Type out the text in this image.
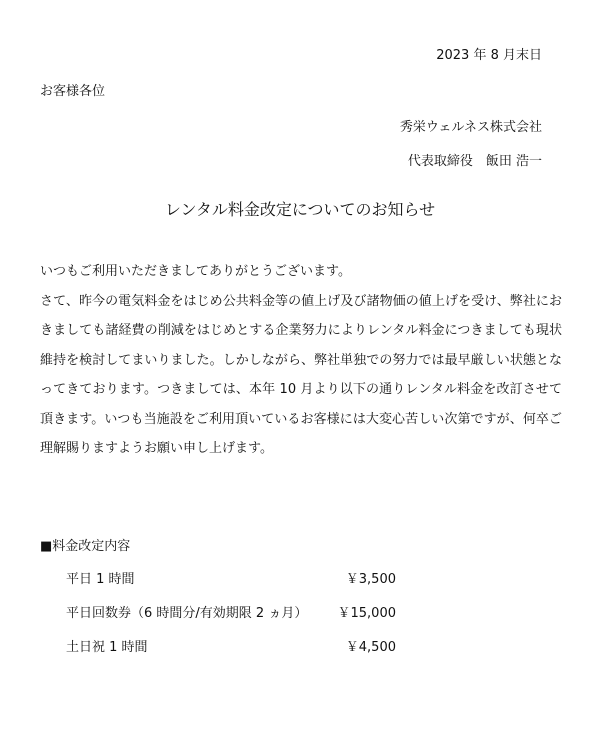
2023 年 8 月末日
お客様各位
秀栄ウェルネス株式会社
代表取締役　飯田 浩一
レンタル料金改定についてのお知らせ
いつもご利用いただきましてありがとうございます。

さて、昨今の電気料金をはじめ公共料金等の値上げ及び諸物価の値上げを受け、弊社におきましても諸経費の削減をはじめとする企業努力によりレンタル料金につきましても現状維持を検討してまいりました。しかしながら、弊社単独での努力では最早厳しい状態となってきております。つきましては、本年 10 月より以下の通りレンタル料金を改訂させて頂きます。いつも当施設をご利用頂いているお客様には大変心苦しい次第ですが、何卒ご理解賜りますようお願い申し上げます。

■料金改定内容
平日 1 時間	￥3,500
平日回数券（6 時間分/有効期限 2 ヵ月） ￥15,000
土日祝 1 時間	￥4,500
